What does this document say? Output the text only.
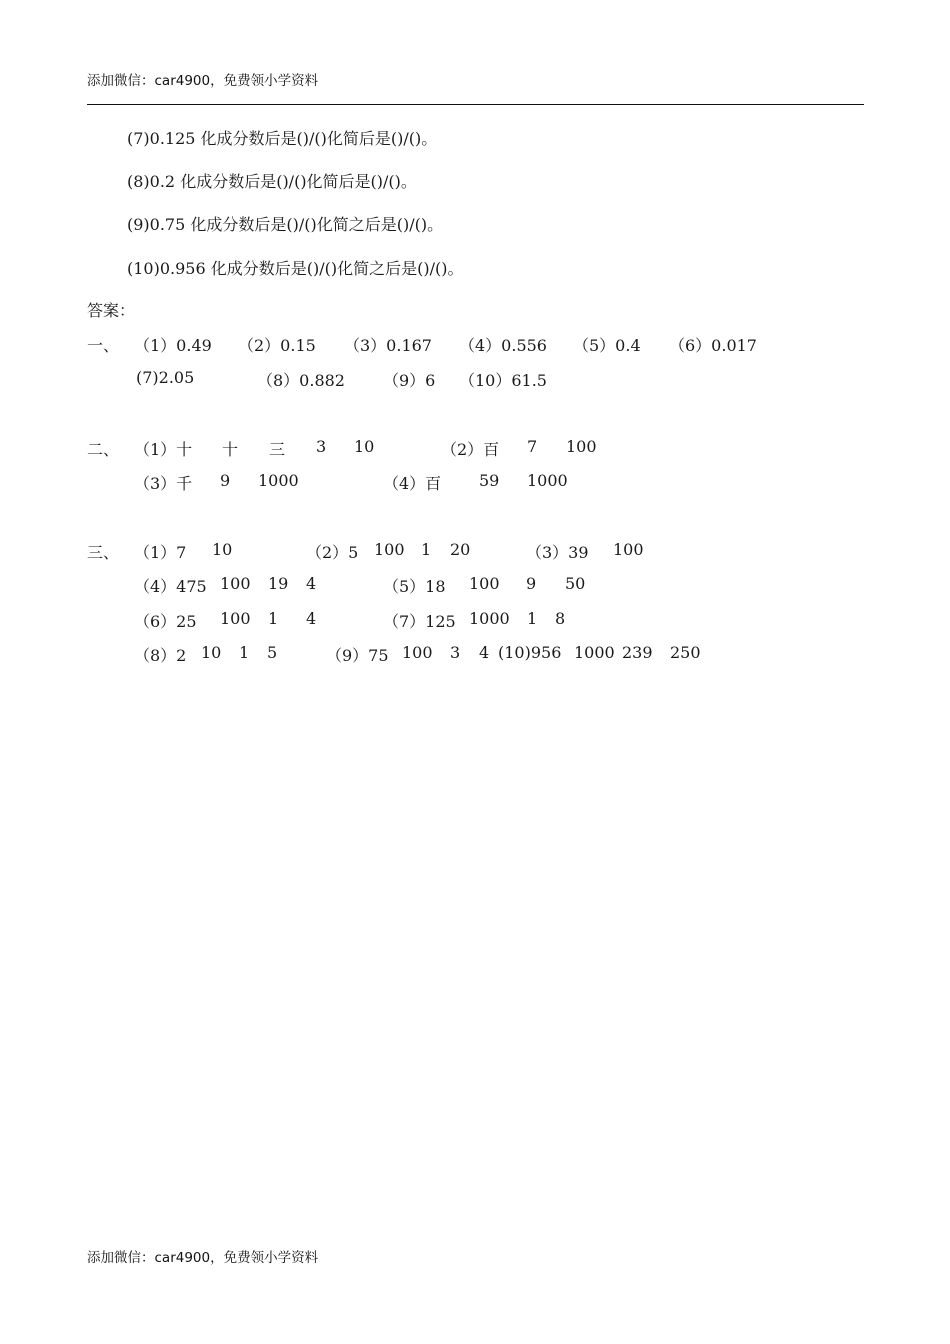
添加微信：car4900，免费领小学资料
(7)0.125 化成分数后是()/()化简后是()/()。
(8)0.2 化成分数后是()/()化简后是()/()。
(9)0.75 化成分数后是()/()化简之后是()/()。
(10)0.956 化成分数后是()/()化简之后是()/()。
答案：
一、 （1）0.49 （2）0.15 （3）0.167 （4）0.556 （5）0.4 （6）0.017
(7)2.05	（8）0.882 （9）6 （10）61.5
二、 （1）十 十 三 3 10	（2）百 7 100
（3）千 9 1000	（4）百 59 1000
三、 （1）7 10	（2）5 100 1 20	（3）39 100
（4）475 100 19 4	（5）18 100 9 50
（6）25 100 1 4	（7）125 1000 1 8
（8）2 10 1 5	（9）75 100 3 4 (10)956 1000 239 250
添加微信：car4900，免费领小学资料
